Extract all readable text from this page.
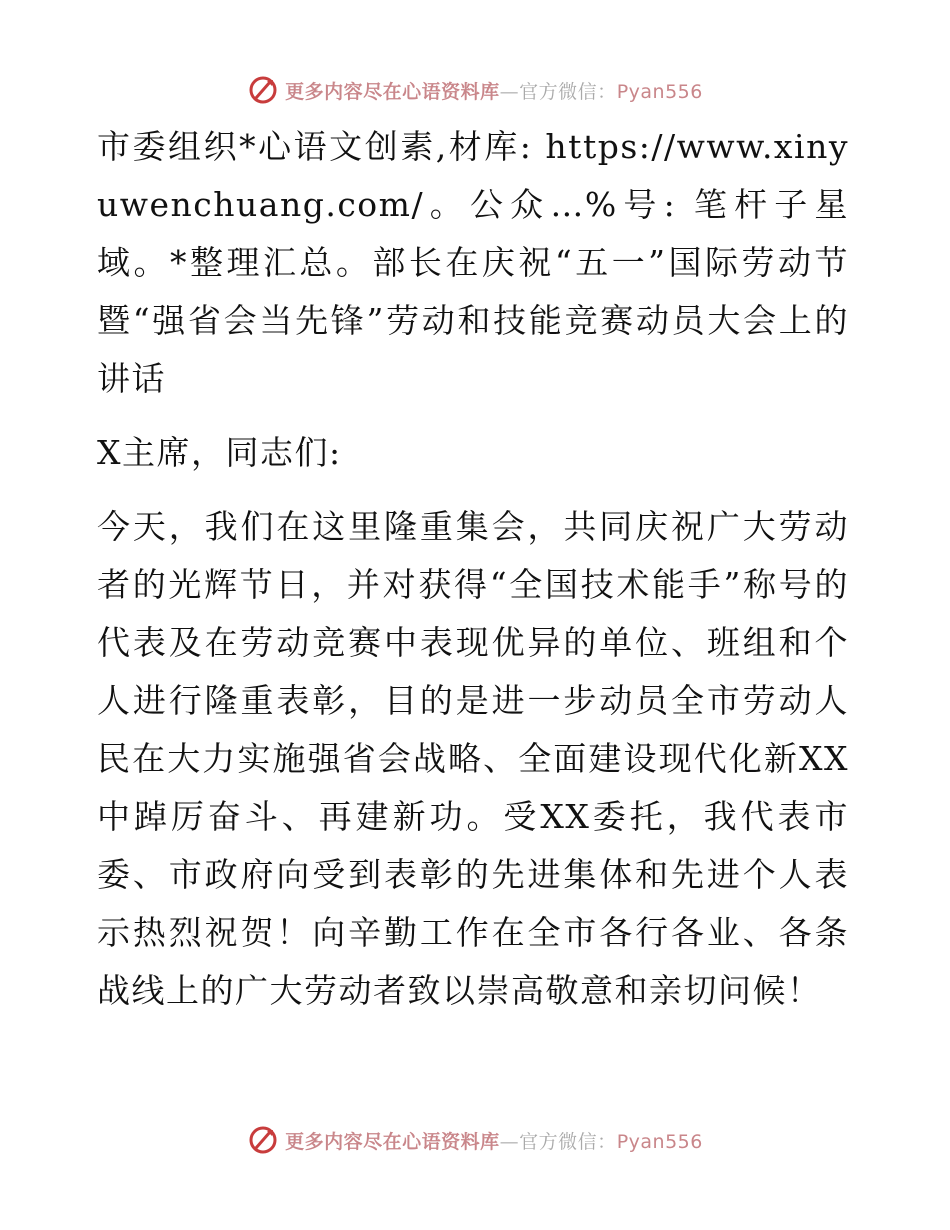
更多内容尽在心语资料库—官方微信：Pyan556

市委组织*心语文创素,材库: https://www.xinyuwenchuang.com/。公众…%号: 笔杆子星域。*整理汇总。部长在庆祝“五一”国际劳动节暨“强省会当先锋”劳动和技能竞赛动员大会上的讲话

X主席，同志们:

今天，我们在这里隆重集会，共同庆祝广大劳动者的光辉节日，并对获得“全国技术能手”称号的代表及在劳动竞赛中表现优异的单位、班组和个人进行隆重表彰，目的是进一步动员全市劳动人民在大力实施强省会战略、全面建设现代化新XX中踔厉奋斗、再建新功。受XX委托，我代表市委、市政府向受到表彰的先进集体和先进个人表示热烈祝贺！向辛勤工作在全市各行各业、各条战线上的广大劳动者致以崇高敬意和亲切问候！

更多内容尽在心语资料库—官方微信：Pyan556
